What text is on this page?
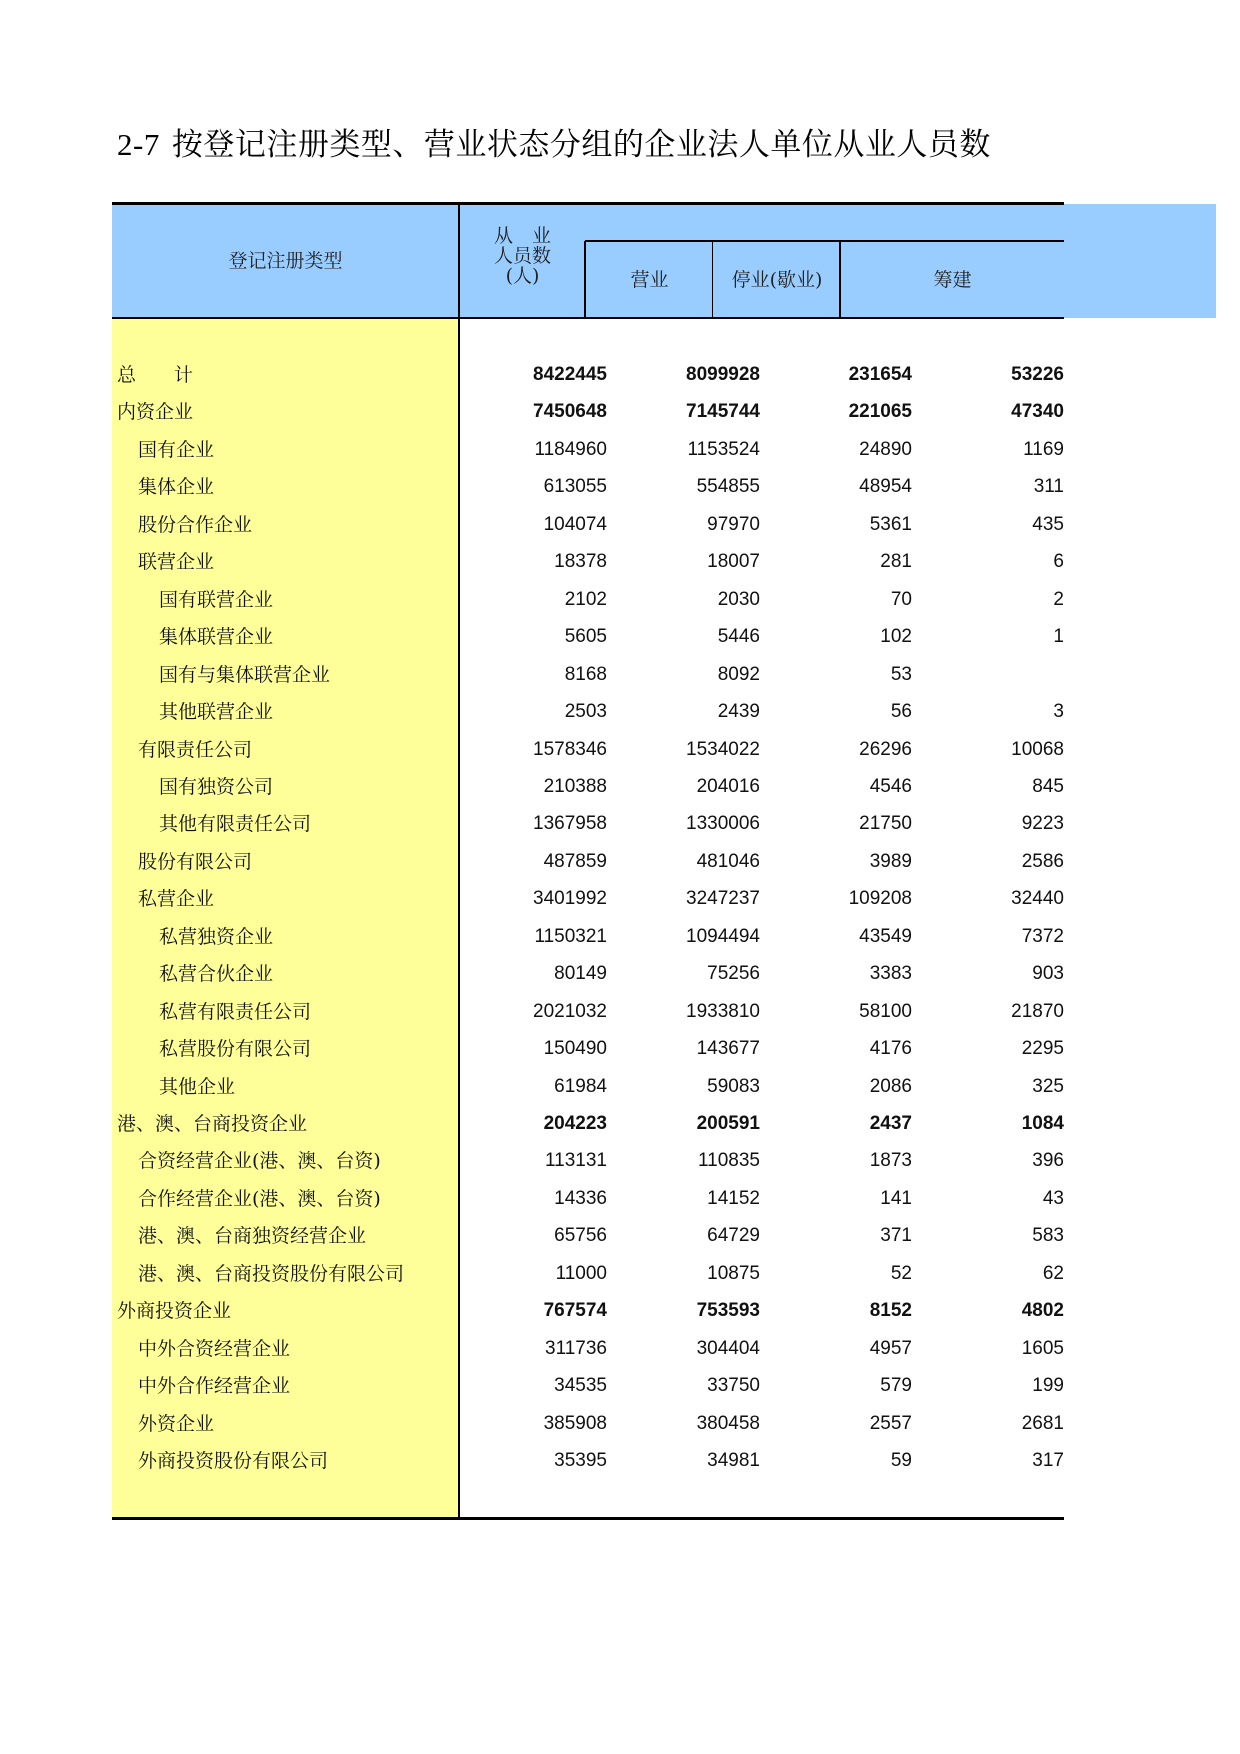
2-7 按登记注册类型、营业状态分组的企业法人单位从业人员数
登记注册类型
从　业
人员数
(人)	营业	停业(歇业)	筹建
总　　计	8422445	8099928	231654	53226
内资企业	7450648	7145744	221065	47340
国有企业	1184960	1153524	24890	1169
集体企业	613055	554855	48954	311
股份合作企业	104074	97970	5361	435
联营企业	18378	18007	281	6
国有联营企业	2102	2030	70	2
集体联营企业	5605	5446	102	1
国有与集体联营企业	8168	8092	53
其他联营企业	2503	2439	56	3
有限责任公司	1578346	1534022	26296	10068
国有独资公司	210388	204016	4546	845
其他有限责任公司	1367958	1330006	21750	9223
股份有限公司	487859	481046	3989	2586
私营企业	3401992	3247237	109208	32440
私营独资企业	1150321	1094494	43549	7372
私营合伙企业	80149	75256	3383	903
私营有限责任公司	2021032	1933810	58100	21870
私营股份有限公司	150490	143677	4176	2295
其他企业	61984	59083	2086	325
港、澳、台商投资企业	204223	200591	2437	1084
合资经营企业(港、澳、台资)	113131	110835	1873	396
合作经营企业(港、澳、台资)	14336	14152	141	43
港、澳、台商独资经营企业	65756	64729	371	583
港、澳、台商投资股份有限公司	11000	10875	52	62
外商投资企业	767574	753593	8152	4802
中外合资经营企业	311736	304404	4957	1605
中外合作经营企业	34535	33750	579	199
外资企业	385908	380458	2557	2681
外商投资股份有限公司	35395	34981	59	317
